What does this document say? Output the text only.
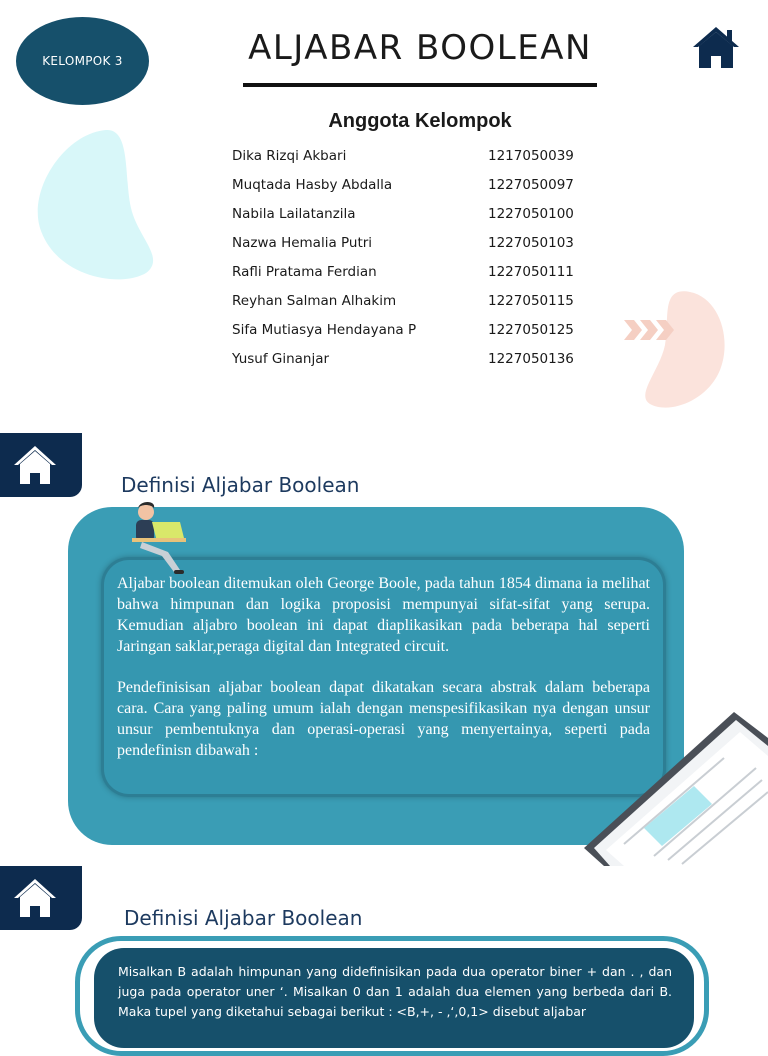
KELOMPOK 3	ALJABAR BOOLEAN
Anggota Kelompok
Dika Rizqi Akbari	1217050039
Muqtada Hasby Abdalla	1227050097
Nabila Lailatanzila	1227050100
Nazwa Hemalia Putri	1227050103
Rafli Pratama Ferdian	1227050111
Reyhan Salman Alhakim	1227050115
Sifa Mutiasya Hendayana P	1227050125
Yusuf Ginanjar	1227050136
Definisi Aljabar Boolean

Aljabar boolean ditemukan oleh George Boole, pada tahun 1854 dimana ia melihat bahwa himpunan dan logika proposisi mempunyai sifat-sifat yang serupa. Kemudian aljabro boolean ini dapat diaplikasikan pada beberapa hal seperti Jaringan saklar,peraga digital dan Integrated circuit.

Pendefinisisan aljabar boolean dapat dikatakan secara abstrak dalam beberapa cara. Cara yang paling umum ialah dengan menspesifikasikan nya dengan unsur unsur pembentuknya dan operasi-operasi yang menyertainya, seperti pada pendefinisn dibawah :

Definisi Aljabar Boolean
Misalkan B adalah himpunan yang didefinisikan pada dua operator biner + dan . , dan juga pada operator uner ‘. Misalkan 0 dan 1 adalah dua elemen yang berbeda dari B. Maka tupel yang diketahui sebagai berikut : <B,+, - ,‘,0,1> disebut aljabar
